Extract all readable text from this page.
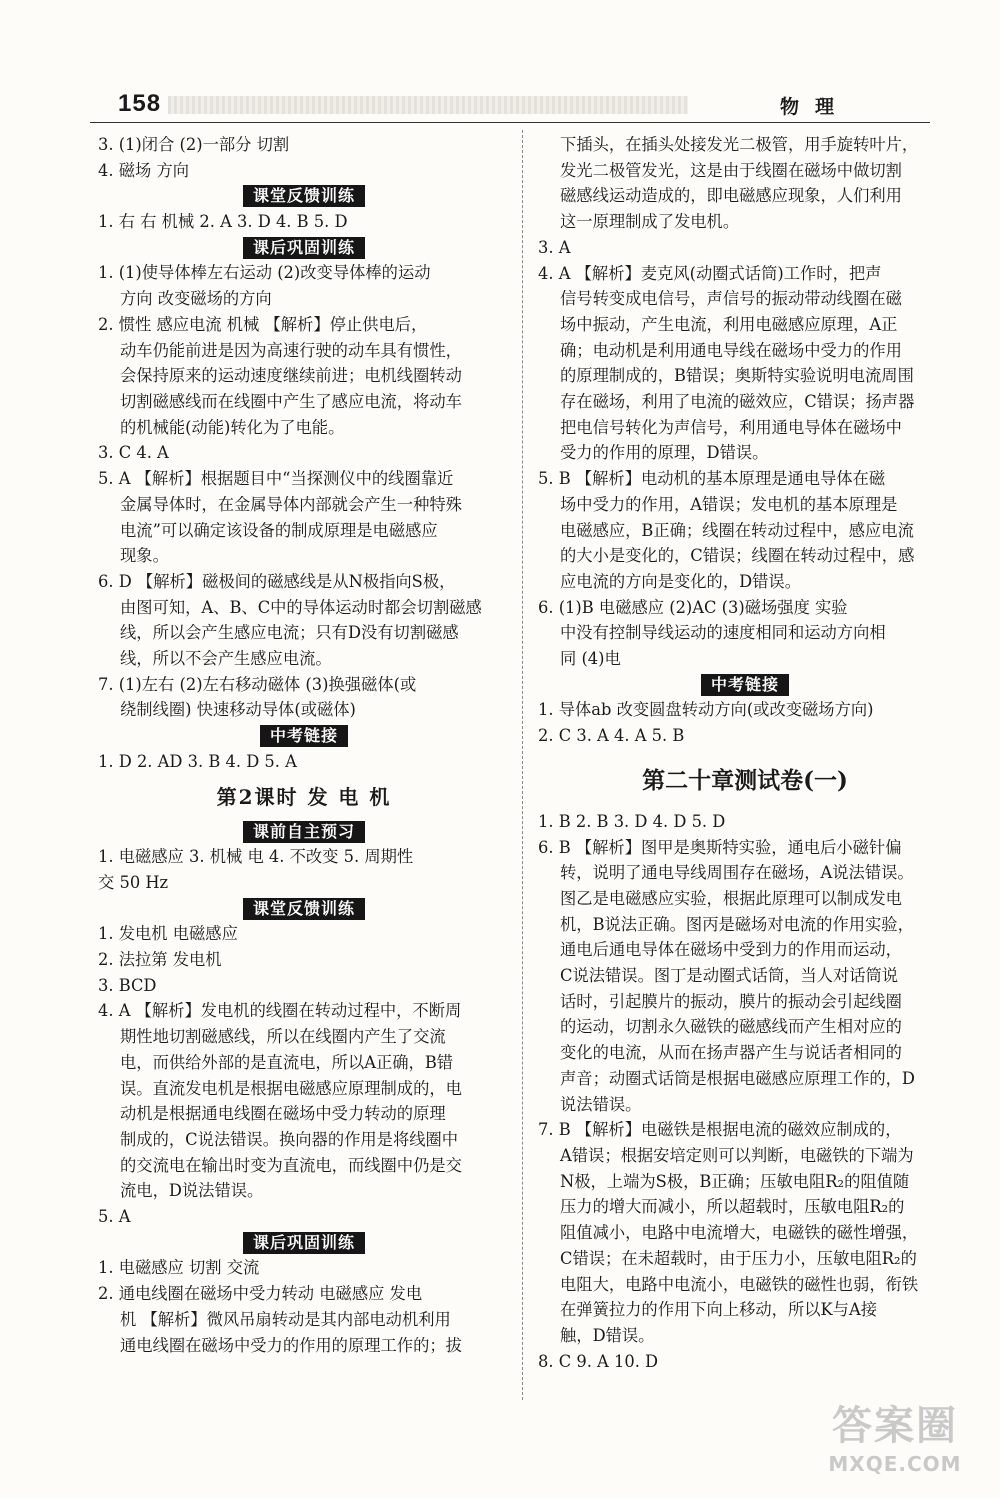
158	物理
3. (1)闭合 (2)一部分 切割
4. 磁场 方向
课堂反馈训练
1. 右 右 机械 2. A 3. D 4. B 5. D
课后巩固训练
1. (1)使导体棒左右运动 (2)改变导体棒的运动
方向 改变磁场的方向
2. 惯性 感应电流 机械 【解析】停止供电后，
动车仍能前进是因为高速行驶的动车具有惯性，
会保持原来的运动速度继续前进；电机线圈转动
切割磁感线而在线圈中产生了感应电流，将动车
的机械能(动能)转化为了电能。
3. C 4. A
5. A 【解析】根据题目中“当探测仪中的线圈靠近
金属导体时，在金属导体内部就会产生一种特殊
电流”可以确定该设备的制成原理是电磁感应
现象。
6. D 【解析】磁极间的磁感线是从N极指向S极，
由图可知，A、B、C中的导体运动时都会切割磁感
线，所以会产生感应电流；只有D没有切割磁感
线，所以不会产生感应电流。
7. (1)左右 (2)左右移动磁体 (3)换强磁体(或
绕制线圈) 快速移动导体(或磁体)
中考链接
1. D 2. AD 3. B 4. D 5. A
第2课时 发 电 机
课前自主预习
1. 电磁感应 3. 机械 电 4. 不改变 5. 周期性
交 50 Hz
课堂反馈训练
1. 发电机 电磁感应
2. 法拉第 发电机
3. BCD
4. A 【解析】发电机的线圈在转动过程中，不断周
期性地切割磁感线，所以在线圈内产生了交流
电，而供给外部的是直流电，所以A正确，B错
误。直流发电机是根据电磁感应原理制成的，电
动机是根据通电线圈在磁场中受力转动的原理
制成的，C说法错误。换向器的作用是将线圈中
的交流电在输出时变为直流电，而线圈中仍是交
流电，D说法错误。
5. A
课后巩固训练
1. 电磁感应 切割 交流
2. 通电线圈在磁场中受力转动 电磁感应 发电
机 【解析】微风吊扇转动是其内部电动机利用
通电线圈在磁场中受力的作用的原理工作的；拔
下插头，在插头处接发光二极管，用手旋转叶片，
发光二极管发光，这是由于线圈在磁场中做切割
磁感线运动造成的，即电磁感应现象，人们利用
这一原理制成了发电机。
3. A
4. A 【解析】麦克风(动圈式话筒)工作时，把声
信号转变成电信号，声信号的振动带动线圈在磁
场中振动，产生电流，利用电磁感应原理，A正
确；电动机是利用通电导线在磁场中受力的作用
的原理制成的，B错误；奥斯特实验说明电流周围
存在磁场，利用了电流的磁效应，C错误；扬声器
把电信号转化为声信号，利用通电导体在磁场中
受力的作用的原理，D错误。
5. B 【解析】电动机的基本原理是通电导体在磁
场中受力的作用，A错误；发电机的基本原理是
电磁感应，B正确；线圈在转动过程中，感应电流
的大小是变化的，C错误；线圈在转动过程中，感
应电流的方向是变化的，D错误。
6. (1)B 电磁感应 (2)AC (3)磁场强度 实验
中没有控制导线运动的速度相同和运动方向相
同 (4)电
中考链接
1. 导体ab 改变圆盘转动方向(或改变磁场方向)
2. C 3. A 4. A 5. B
第二十章测试卷(一)
1. B 2. B 3. D 4. D 5. D
6. B 【解析】图甲是奥斯特实验，通电后小磁针偏
转，说明了通电导线周围存在磁场，A说法错误。
图乙是电磁感应实验，根据此原理可以制成发电
机，B说法正确。图丙是磁场对电流的作用实验，
通电后通电导体在磁场中受到力的作用而运动，
C说法错误。图丁是动圈式话筒，当人对话筒说
话时，引起膜片的振动，膜片的振动会引起线圈
的运动，切割永久磁铁的磁感线而产生相对应的
变化的电流，从而在扬声器产生与说话者相同的
声音；动圈式话筒是根据电磁感应原理工作的，D
说法错误。
7. B 【解析】电磁铁是根据电流的磁效应制成的，
A错误；根据安培定则可以判断，电磁铁的下端为
N极，上端为S极，B正确；压敏电阻R₂的阻值随
压力的增大而减小，所以超载时，压敏电阻R₂的
阻值减小，电路中电流增大，电磁铁的磁性增强，
C错误；在未超载时，由于压力小，压敏电阻R₂的
电阻大，电路中电流小，电磁铁的磁性也弱，衔铁
在弹簧拉力的作用下向上移动，所以K与A接
触，D错误。
8. C 9. A 10. D
答案圈
MXQE.COM
